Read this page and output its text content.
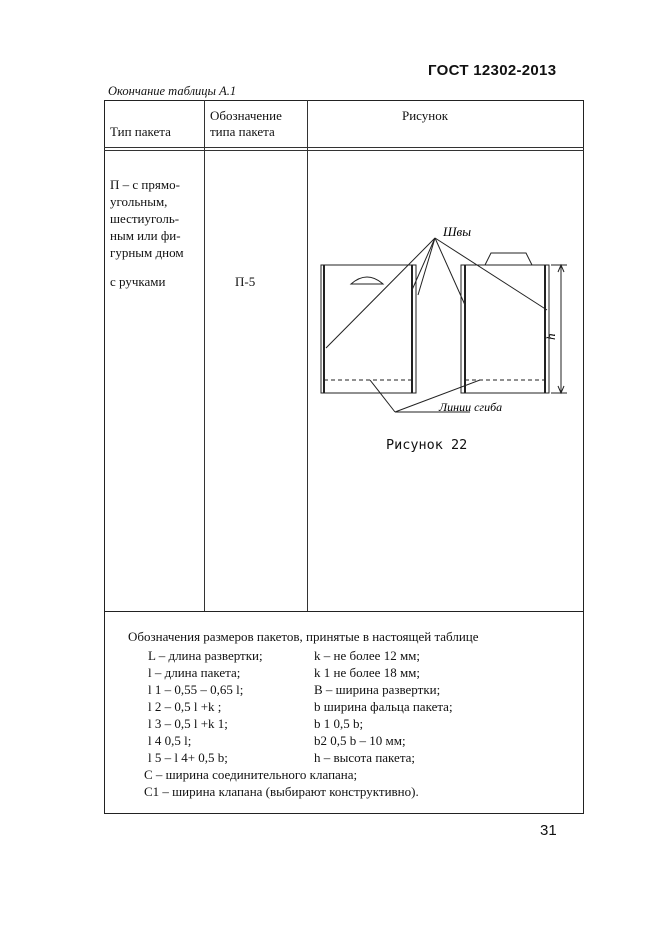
ГОСТ 12302-2013
Окончание таблицы А.1
Тип пакета
Обозначение
типа пакета
Рисунок
П – с прямо-
угольным,
шестиуголь-
ным или фи-
гурным дном
с ручками	П-5
Швы
h
Линии сгиба
Рисунок 22
Обозначения размеров пакетов, принятые в настоящей таблице
L – длина развертки;
l – длина пакета;
l 1 – 0,55 – 0,65 l;
l 2 – 0,5 l +k ;
l 3 – 0,5 l +k 1;
l 4 0,5 l;
l 5 – l 4+ 0,5 b;
k – не более 12 мм;
k 1 не более 18 мм;
B – ширина развертки;
b ширина фальца пакета;
b 1 0,5 b;
b2 0,5 b – 10 мм;
h – высота пакета;
С – ширина соединительного клапана;
С1 – ширина клапана (выбирают конструктивно).
31
